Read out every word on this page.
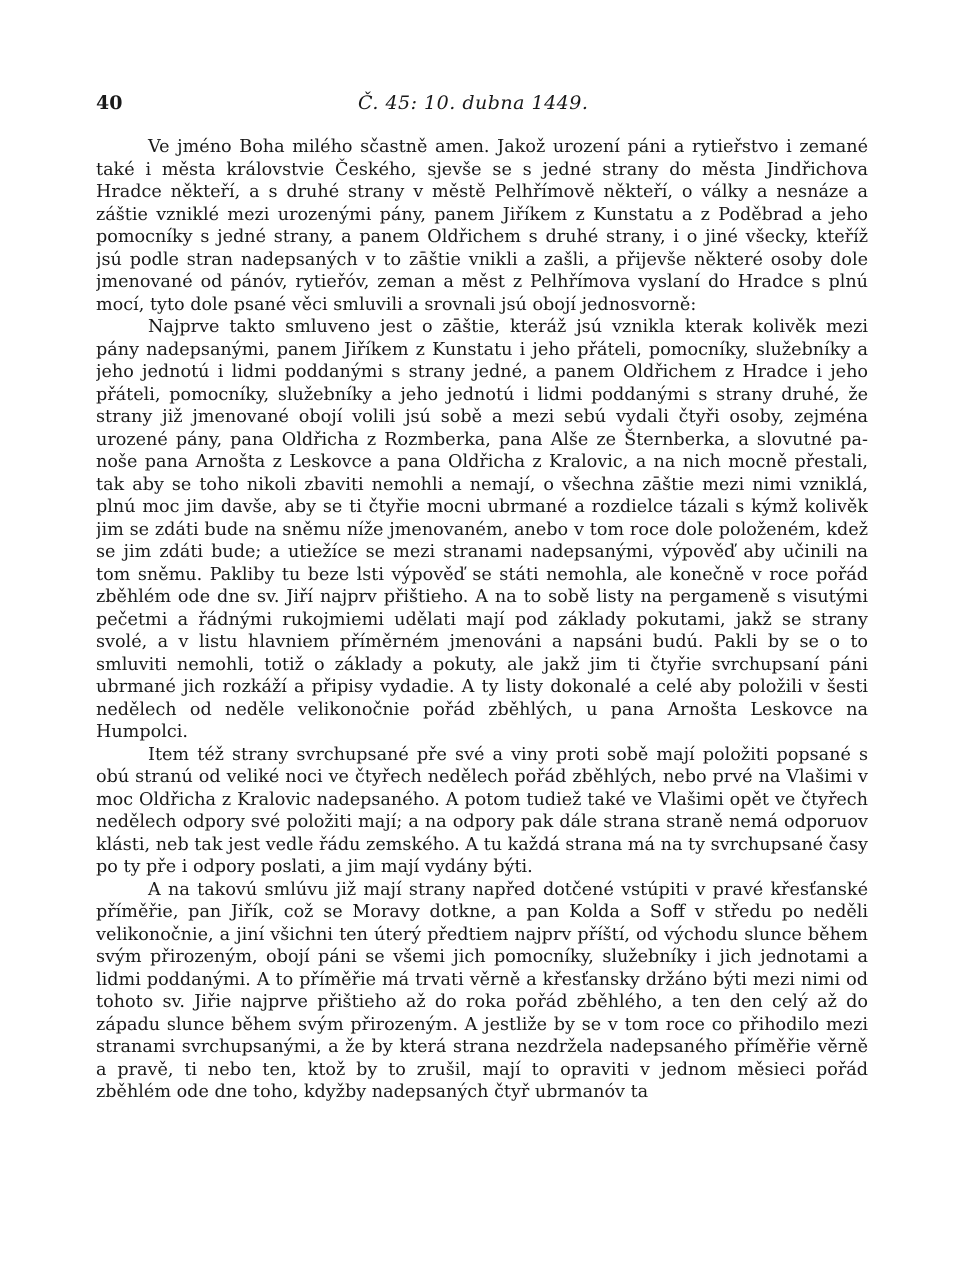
40	Č. 45: 10. dubna 1449.

Ve jméno Boha milého sčastně amen. Jakož urození páni a rytieřstvo i zemané také i města královstvie Českého, sjevše se s jedné strany do města Jindřichova Hradce někteří, a s druhé strany v městě Pelhřímově někteří, o války a nesnáze a záštie vzniklé mezi urozenými pány, panem Jiříkem z Kunstatu a z Poděbrad a jeho pomocníky s jedné strany, a panem Oldřichem s druhé strany, i o jiné všecky, kteříž jsú podle stran nadepsaných v to zāštie vnikli a zašli, a přijevše některé osoby dole jmenované od pánóv, rytieřóv, zeman a měst z Pelhřímova vyslaní do Hradce s plnú mocí, tyto dole psané věci smluvili a srovnali jsú obojí jednosvorně:

Najprve takto smluveno jest o zāštie, kteráž jsú vznikla kterak kolivěk mezi pány nadepsanými, panem Jiříkem z Kunstatu i jeho přáteli, pomocníky, služebníky a jeho jednotú i lidmi poddanými s strany jedné, a panem Oldřichem z Hradce i jeho přáteli, pomocníky, služebníky a jeho jednotú i lidmi poddanými s strany druhé, že strany již jmenované obojí volili jsú sobě a mezi sebú vydali čtyři osoby, zejména urozené pány, pana Oldřicha z Rozmberka, pana Alše ze Šternberka, a slovutné panoše pana Arnošta z Leskovce a pana Oldřicha z Kralovic, a na nich mocně přestali, tak aby se toho nikoli zbaviti nemohli a nemají, o všechna zāštie mezi nimi vzniklá, plnú moc jim davše, aby se ti čtyřie mocni ubrmané a rozdielce tázali s kýmž kolivěk jim se zdáti bude na sněmu níže jmenovaném, anebo v tom roce dole položeném, kdež se jim zdáti bude; a utiežíce se mezi stranami nadepsanými, výpověď aby učinili na tom sněmu. Pakliby tu beze lsti výpověď se státi nemohla, ale konečně v roce pořád zběhlém ode dne sv. Jiří najprv přištieho. A na to sobě listy na pergameně s visutými pečetmi a řádnými rukojmiemi udělati mají pod základy pokutami, jakž se strany svolé, a v listu hlavniem příměrném jmenováni a napsáni budú. Pakli by se o to smluviti nemohli, totiž o základy a pokuty, ale jakž jim ti čtyřie svrchupsaní páni ubrmané jich rozkáží a připisy vydadie. A ty listy dokonalé a celé aby položili v šesti nedělech od neděle velikonočnie pořád zběhlých, u pana Arnošta Leskovce na Humpolci.

Item též strany svrchupsané pře své a viny proti sobě mají položiti popsané s obú stranú od veliké noci ve čtyřech nedělech pořád zběhlých, nebo prvé na Vlašimi v moc Oldřicha z Kralovic nadepsaného. A potom tudiež také ve Vlašimi opět ve čtyřech nedělech odpory své položiti mají; a na odpory pak dále strana straně nemá odporuov klásti, neb tak jest vedle řádu zemského. A tu každá strana má na ty svrchupsané časy po ty pře i odpory poslati, a jim mají vydány býti.

A na takovú smlúvu již mají strany napřed dotčené vstúpiti v pravé křesťanské příměřie, pan Jiřík, což se Moravy dotkne, a pan Kolda a Soff v středu po neděli velikonočnie, a jiní všichni ten úterý předtiem najprv příští, od východu slunce během svým přirozeným, obojí páni se všemi jich pomocníky, služebníky i jich jednotami a lidmi poddanými. A to příměřie má trvati věrně a křesťansky držáno býti mezi nimi od tohoto sv. Jiřie najprve přištieho až do roka pořád zběhlého, a ten den celý až do západu slunce během svým přirozeným. A jestliže by se v tom roce co přihodilo mezi stranami svrchupsanými, a že by která strana nezdržela nadepsaného příměřie věrně a pravě, ti nebo ten, ktož by to zrušil, mají to opraviti v jednom měsieci pořád zběhlém ode dne toho, kdyžby nadepsaných čtyř ubrmanóv ta
